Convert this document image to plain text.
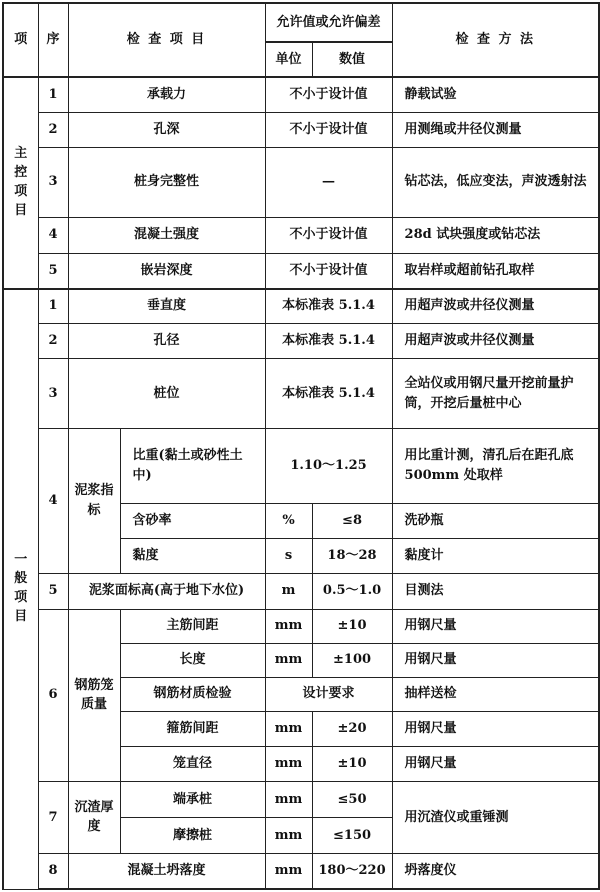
项	序	检 查 项 目		允许值或允许偏差		检 查 方 法
				单位	数值	
主控项目	1	承载力		不小于设计值		静载试验
	2	孔深		不小于设计值		用测绳或井径仪测量
	3	桩身完整性		—		钻芯法，低应变法，声波透射法
	4	混凝土强度		不小于设计值		28d 试块强度或钻芯法
	5	嵌岩深度		不小于设计值		取岩样或超前钻孔取样
一般项目	1	垂直度		本标准表 5.1.4		用超声波或井径仪测量
	2	孔径		本标准表 5.1.4		用超声波或井径仪测量
	3	桩位		本标准表 5.1.4		全站仪或用钢尺量开挖前量护筒，开挖后量桩中心
	4	泥浆指标	比重(黏土或砂性土中)	1.10～1.25		用比重计测，清孔后在距孔底 500mm 处取样
			含砂率	%	≤8	洗砂瓶
			黏度	s	18～28	黏度计
	5	泥浆面标高(高于地下水位)		m	0.5～1.0	目测法
	6	钢筋笼质量	主筋间距	mm	±10	用钢尺量
			长度	mm	±100	用钢尺量
			钢筋材质检验	设计要求		抽样送检
			箍筋间距	mm	±20	用钢尺量
			笼直径	mm	±10	用钢尺量
	7	沉渣厚度	端承桩	mm	≤50	用沉渣仪或重锤测
			摩擦桩	mm	≤150	
	8	混凝土坍落度		mm	180～220	坍落度仪
